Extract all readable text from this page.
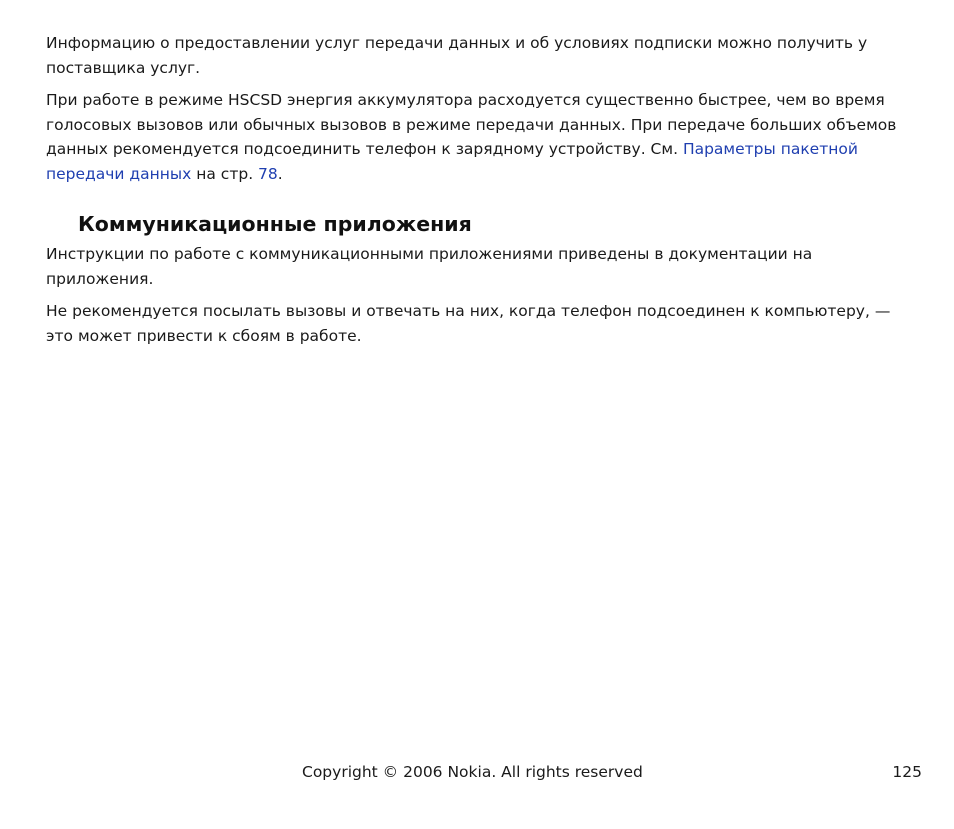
Информацию о предоставлении услуг передачи данных и об условиях подписки можно получить у поставщика услуг.

При работе в режиме HSCSD энергия аккумулятора расходуется существенно быстрее, чем во время голосовых вызовов или обычных вызовов в режиме передачи данных. При передаче больших объемов данных рекомендуется подсоединить телефон к зарядному устройству. См. Параметры пакетной передачи данных на стр. 78.

Коммуникационные приложения

Инструкции по работе с коммуникационными приложениями приведены в документации на приложения.

Не рекомендуется посылать вызовы и отвечать на них, когда телефон подсоединен к компьютеру, — это может привести к сбоям в работе.

Copyright © 2006 Nokia. All rights reserved	125
